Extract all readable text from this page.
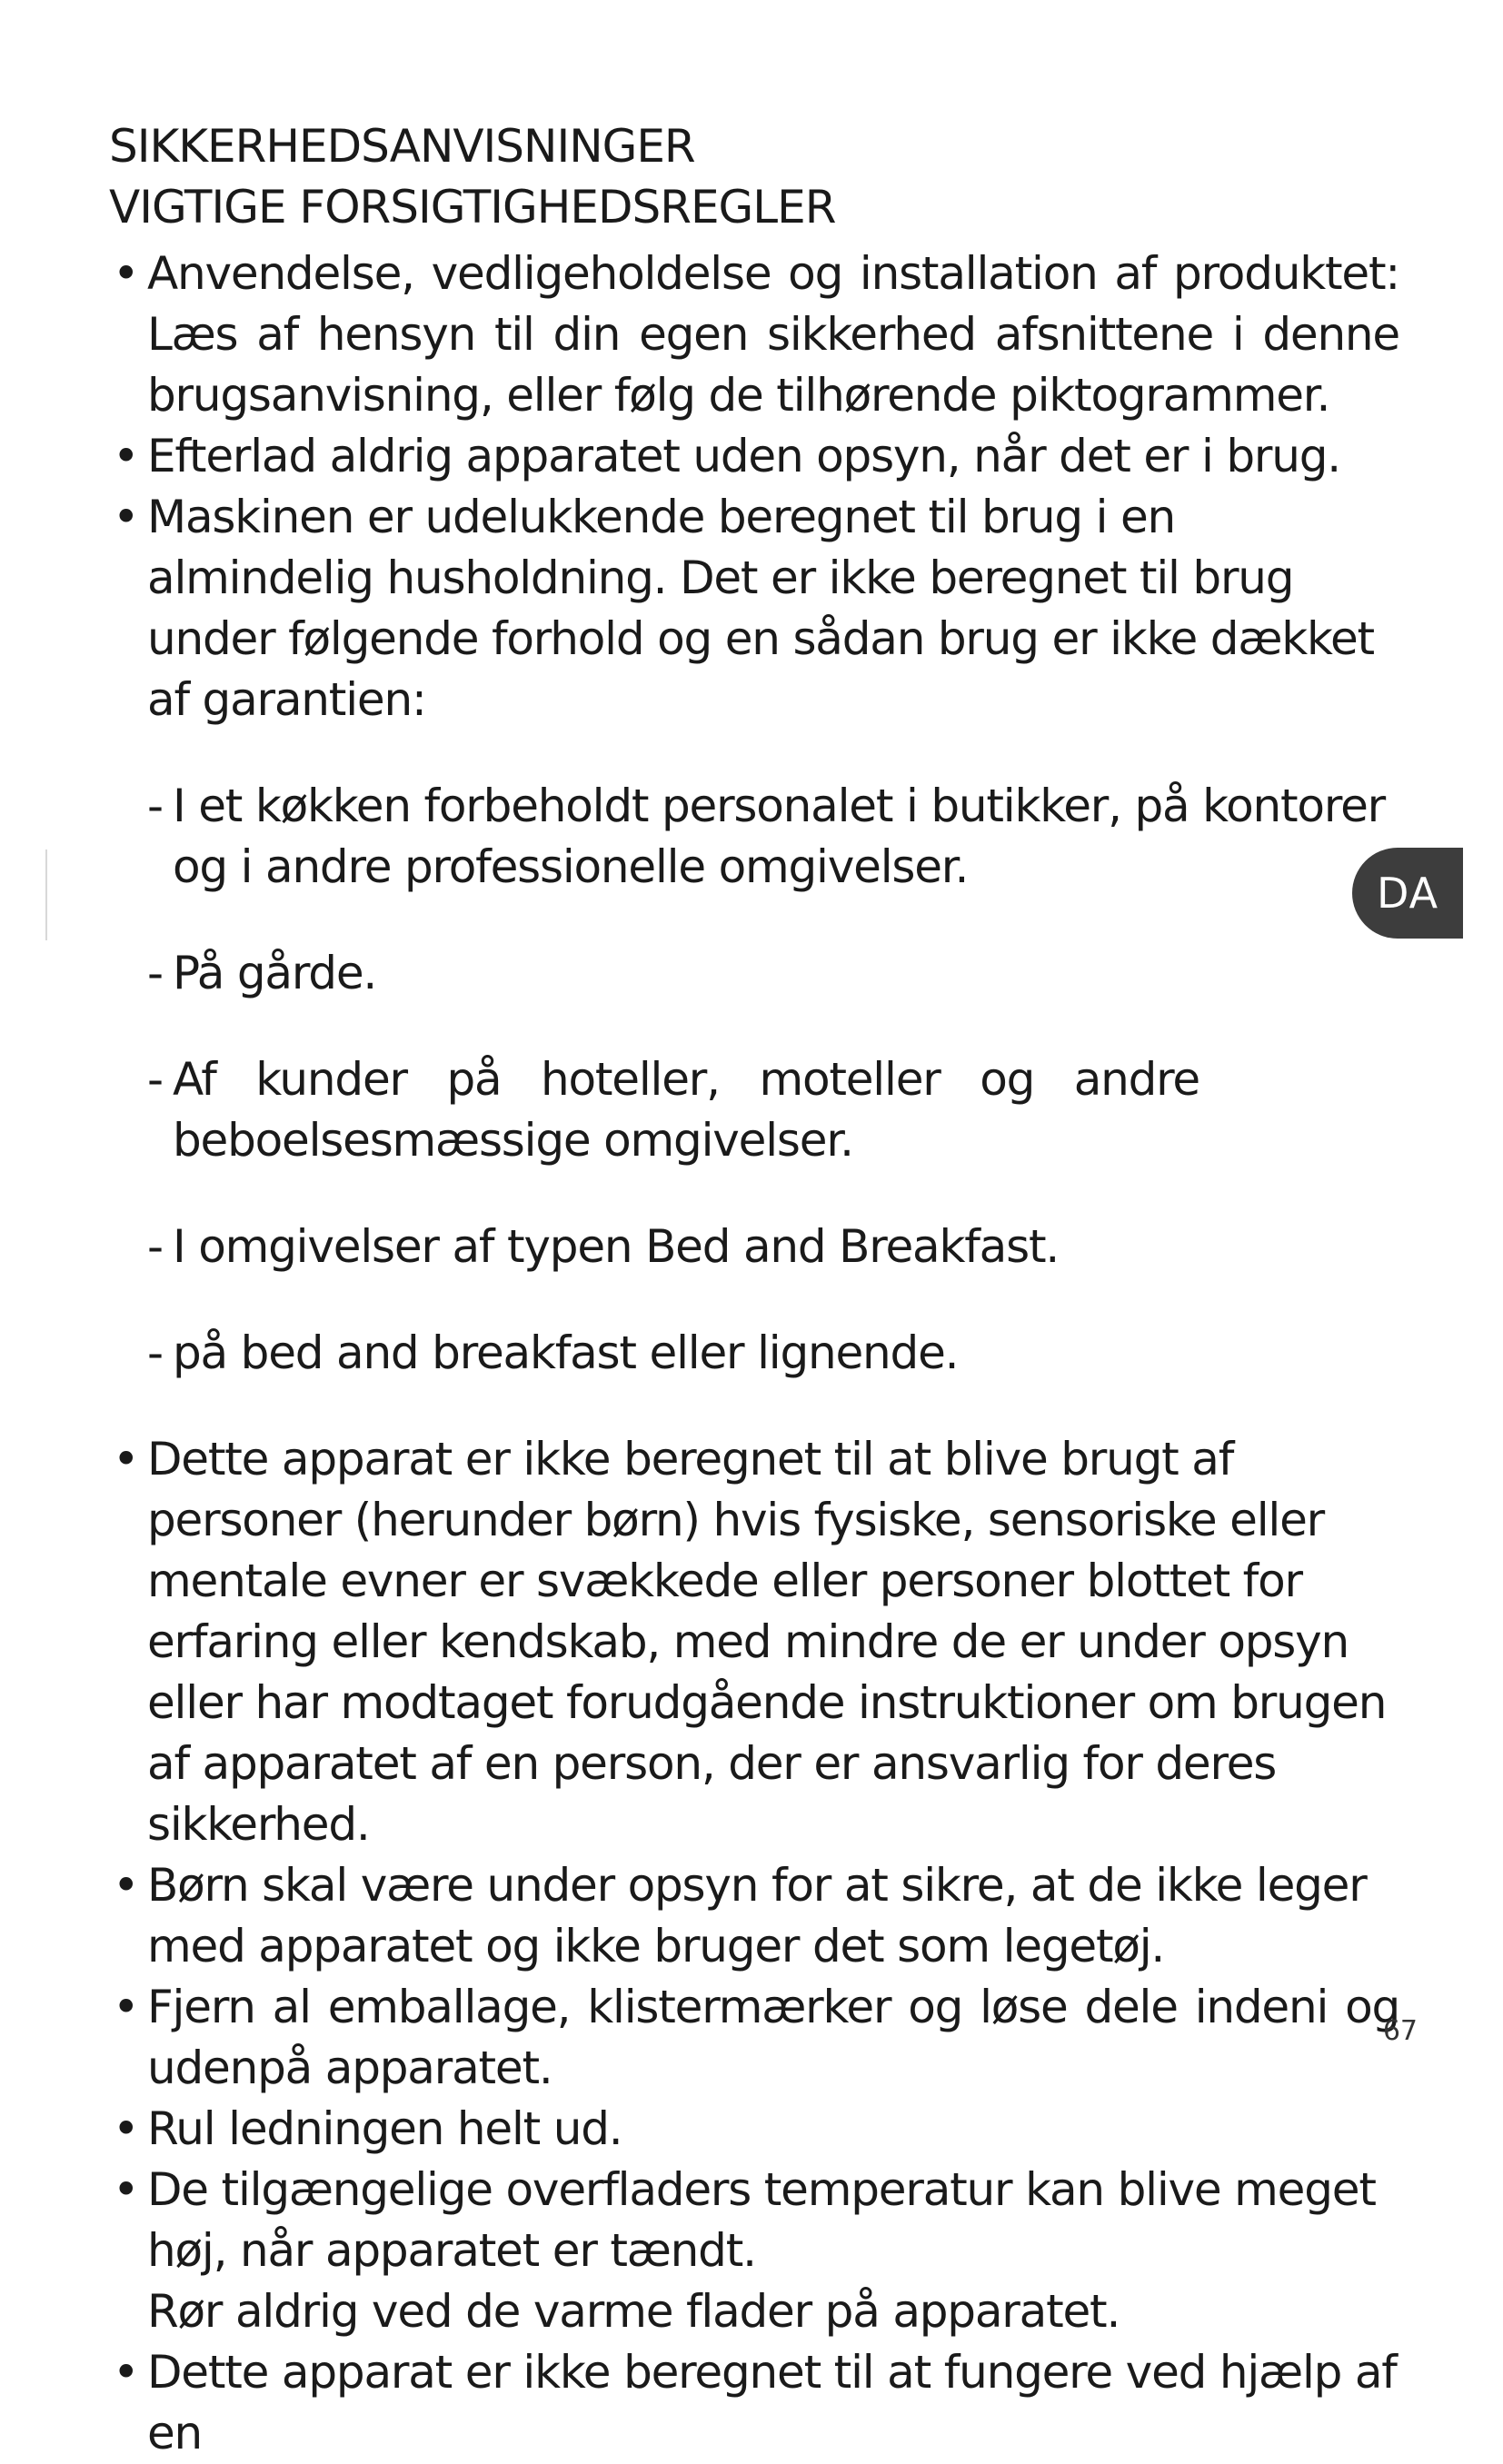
SIKKERHEDSANVISNINGER
VIGTIGE FORSIGTIGHEDSREGLER
• Anvendelse, vedligeholdelse og installation af produktet: Læs af hensyn til din egen sikkerhed afsnittene i denne brugsanvisning, eller følg de tilhørende piktogrammer.

• Efterlad aldrig apparatet uden opsyn, når det er i brug.

• Maskinen er udelukkende beregnet til brug i en almindelig husholdning. Det er ikke beregnet til brug under følgende forhold og en sådan brug er ikke dækket af garantien:

- I et køkken forbeholdt personalet i butikker, på kontorer og i andre professionelle omgivelser.

- På gårde.

- Af kunder på hoteller, moteller og andre beboelsesmæssige omgivelser.

- I omgivelser af typen Bed and Breakfast.

- på bed and breakfast eller lignende.

• Dette apparat er ikke beregnet til at blive brugt af personer (herunder børn) hvis fysiske, sensoriske eller mentale evner er svækkede eller personer blottet for erfaring eller kendskab, med mindre de er under opsyn eller har modtaget forudgående instruktioner om brugen af apparatet af en person, der er ansvarlig for deres sikkerhed.

• Børn skal være under opsyn for at sikre, at de ikke leger med apparatet og ikke bruger det som legetøj.

• Fjern al emballage, klistermærker og løse dele indeni og udenpå apparatet.

• Rul ledningen helt ud.

• De tilgængelige overfladers temperatur kan blive meget høj, når apparatet er tændt.

Rør aldrig ved de varme flader på apparatet.

• Dette apparat er ikke beregnet til at fungere ved hjælp af en

DA
67
